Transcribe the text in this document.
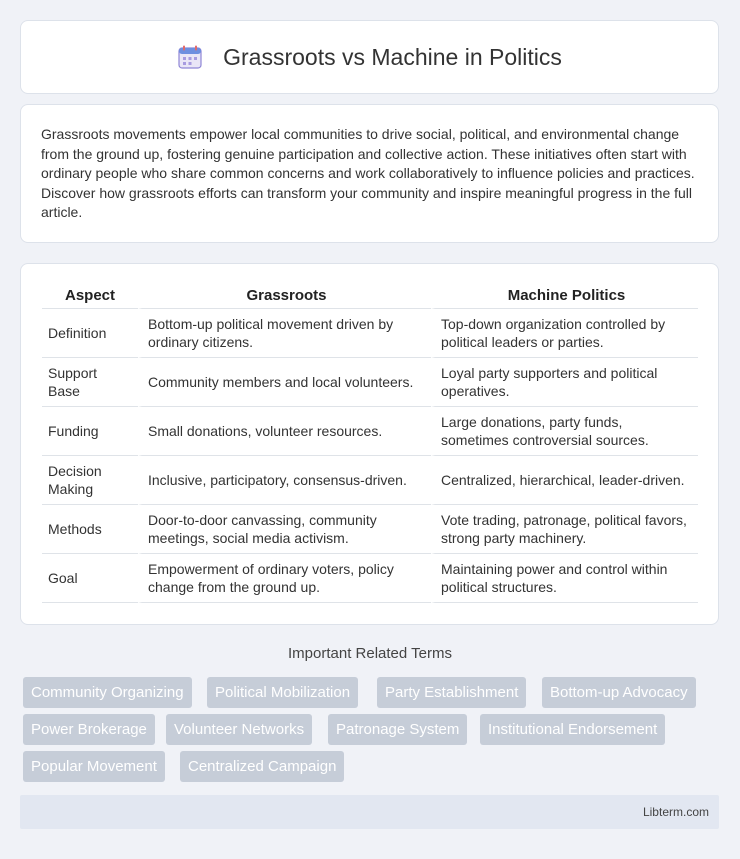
Grassroots vs Machine in Politics

Grassroots movements empower local communities to drive social, political, and environmental change from the ground up, fostering genuine participation and collective action. These initiatives often start with ordinary people who share common concerns and work collaboratively to influence policies and practices. Discover how grassroots efforts can transform your community and inspire meaningful progress in the full article.

Aspect	Grassroots	Machine Politics
Definition	Bottom-up political movement driven by ordinary citizens.	Top-down organization controlled by political leaders or parties.
Support Base	Community members and local volunteers.	Loyal party supporters and political operatives.
Funding	Small donations, volunteer resources.	Large donations, party funds, sometimes controversial sources.
Decision Making	Inclusive, participatory, consensus-driven.	Centralized, hierarchical, leader-driven.
Methods	Door-to-door canvassing, community meetings, social media activism.	Vote trading, patronage, political favors, strong party machinery.
Goal	Empowerment of ordinary voters, policy change from the ground up.	Maintaining power and control within political structures.
Important Related Terms
Community Organizing	Political Mobilization	Party Establishment	Bottom-up Advocacy
Power Brokerage	Volunteer Networks	Patronage System	Institutional Endorsement
Popular Movement	Centralized Campaign
Libterm.com
